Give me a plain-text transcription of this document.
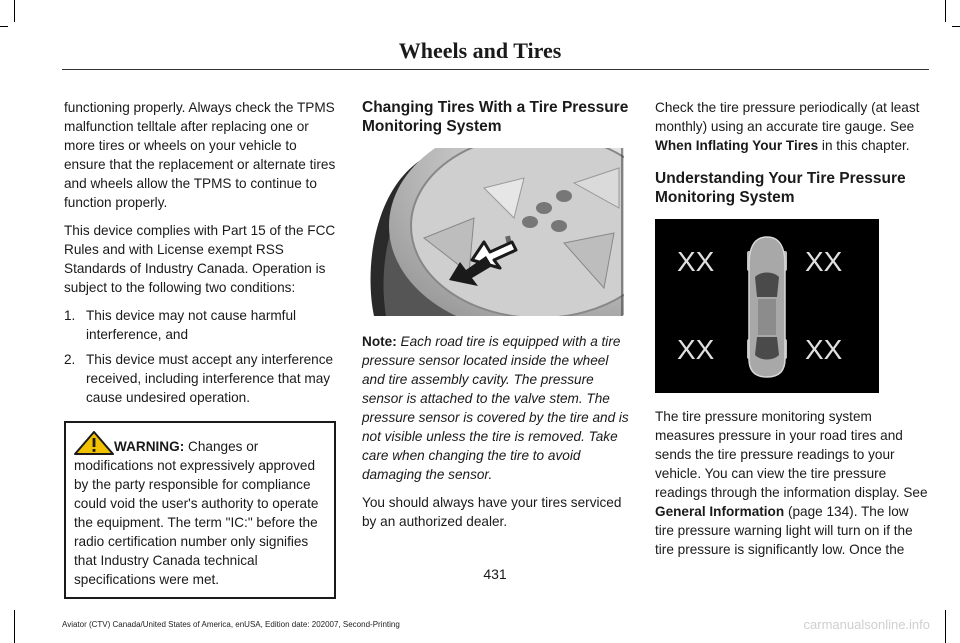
Wheels and Tires

functioning properly. Always check the TPMS malfunction telltale after replacing one or more tires or wheels on your vehicle to ensure that the replacement or alternate tires and wheels allow the TPMS to continue to function properly.

This device complies with Part 15 of the FCC Rules and with License exempt RSS Standards of Industry Canada. Operation is subject to the following two conditions:

1. This device may not cause harmful interference, and
2. This device must accept any interference received, including interference that may cause undesired operation.
WARNING: Changes or modifications not expressively approved by the party responsible for compliance could void the user's authority to operate the equipment. The term "IC:" before the radio certification number only signifies that Industry Canada technical specifications were met.
Changing Tires With a Tire Pressure Monitoring System

Note: Each road tire is equipped with a tire pressure sensor located inside the wheel and tire assembly cavity. The pressure sensor is attached to the valve stem. The pressure sensor is covered by the tire and is not visible unless the tire is removed. Take care when changing the tire to avoid damaging the sensor.

You should always have your tires serviced by an authorized dealer.

Check the tire pressure periodically (at least monthly) using an accurate tire gauge. See When Inflating Your Tires in this chapter.

Understanding Your Tire Pressure Monitoring System
XX	XX
XX	XX

The tire pressure monitoring system measures pressure in your road tires and sends the tire pressure readings to your vehicle. You can view the tire pressure readings through the information display. See General Information (page 134). The low tire pressure warning light will turn on if the tire pressure is significantly low. Once the

431
Aviator (CTV) Canada/United States of America, enUSA, Edition date: 202007, Second-Printing	carmanualsonline.info
